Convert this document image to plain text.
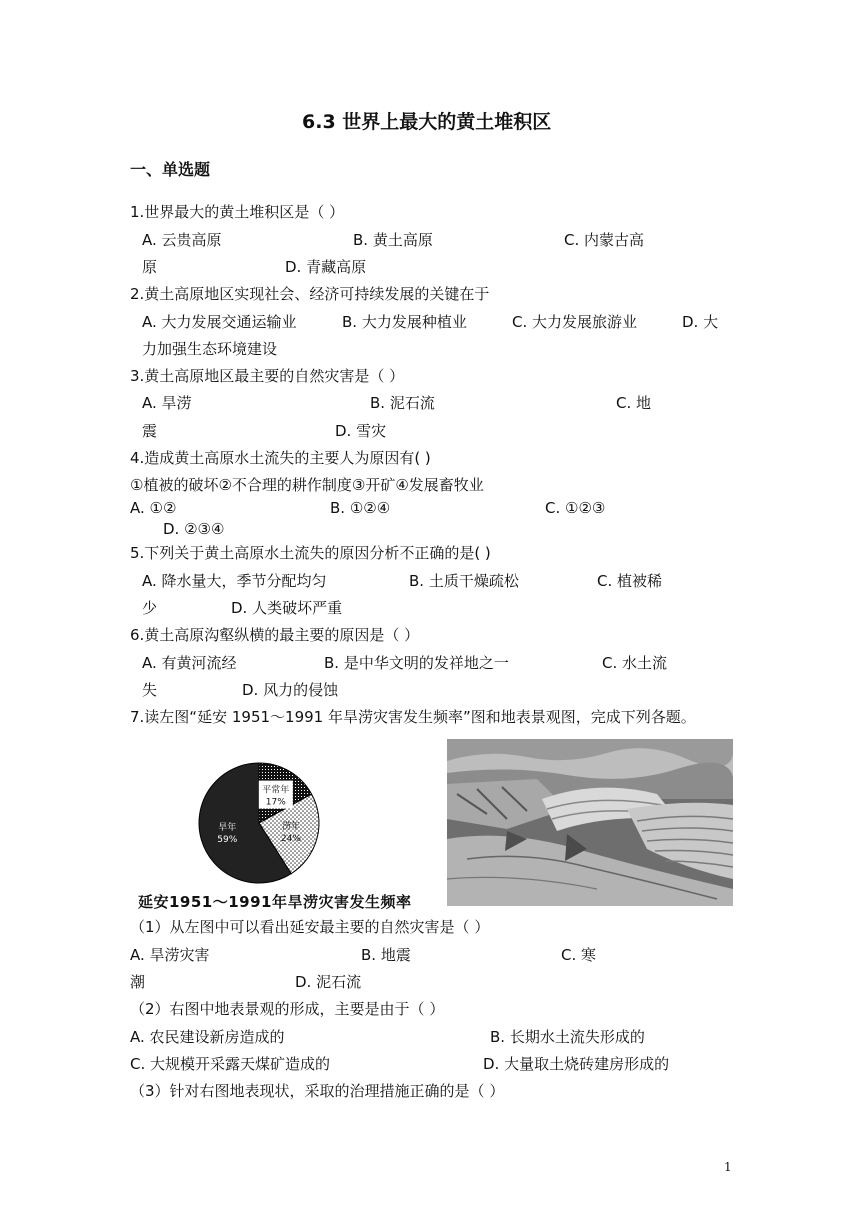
6.3 世界上最大的黄土堆积区
一、单选题
1.世界最大的黄土堆积区是（ ）
A. 云贵高原	B. 黄土高原	C. 内蒙古高
原	D. 青藏高原
2.黄土高原地区实现社会、经济可持续发展的关键在于
A. 大力发展交通运输业	B. 大力发展种植业	C. 大力发展旅游业	D. 大
力加强生态环境建设
3.黄土高原地区最主要的自然灾害是（ ）
A. 旱涝	B. 泥石流	C. 地
震	D. 雪灾
4.造成黄土高原水土流失的主要人为原因有( )
①植被的破坏②不合理的耕作制度③开矿④发展畜牧业
A. ①②	B. ①②④	C. ①②③
D. ②③④
5.下列关于黄土高原水土流失的原因分析不正确的是( )
A. 降水量大，季节分配均匀	B. 土质干燥疏松	C. 植被稀
少	D. 人类破坏严重
6.黄土高原沟壑纵横的最主要的原因是（ ）
A. 有黄河流经	B. 是中华文明的发祥地之一	C. 水土流
失	D. 风力的侵蚀
7.读左图“延安 1951～1991 年旱涝灾害发生频率”图和地表景观图，完成下列各题。
平常年
17%
涝年
24%
旱年
59%
延安1951～1991年旱涝灾害发生频率
（1）从左图中可以看出延安最主要的自然灾害是（ ）
A. 旱涝灾害	B. 地震	C. 寒
潮	D. 泥石流
（2）右图中地表景观的形成，主要是由于（ ）
A. 农民建设新房造成的	B. 长期水土流失形成的
C. 大规模开采露天煤矿造成的	D. 大量取土烧砖建房形成的
（3）针对右图地表现状，采取的治理措施正确的是（ ）
1
